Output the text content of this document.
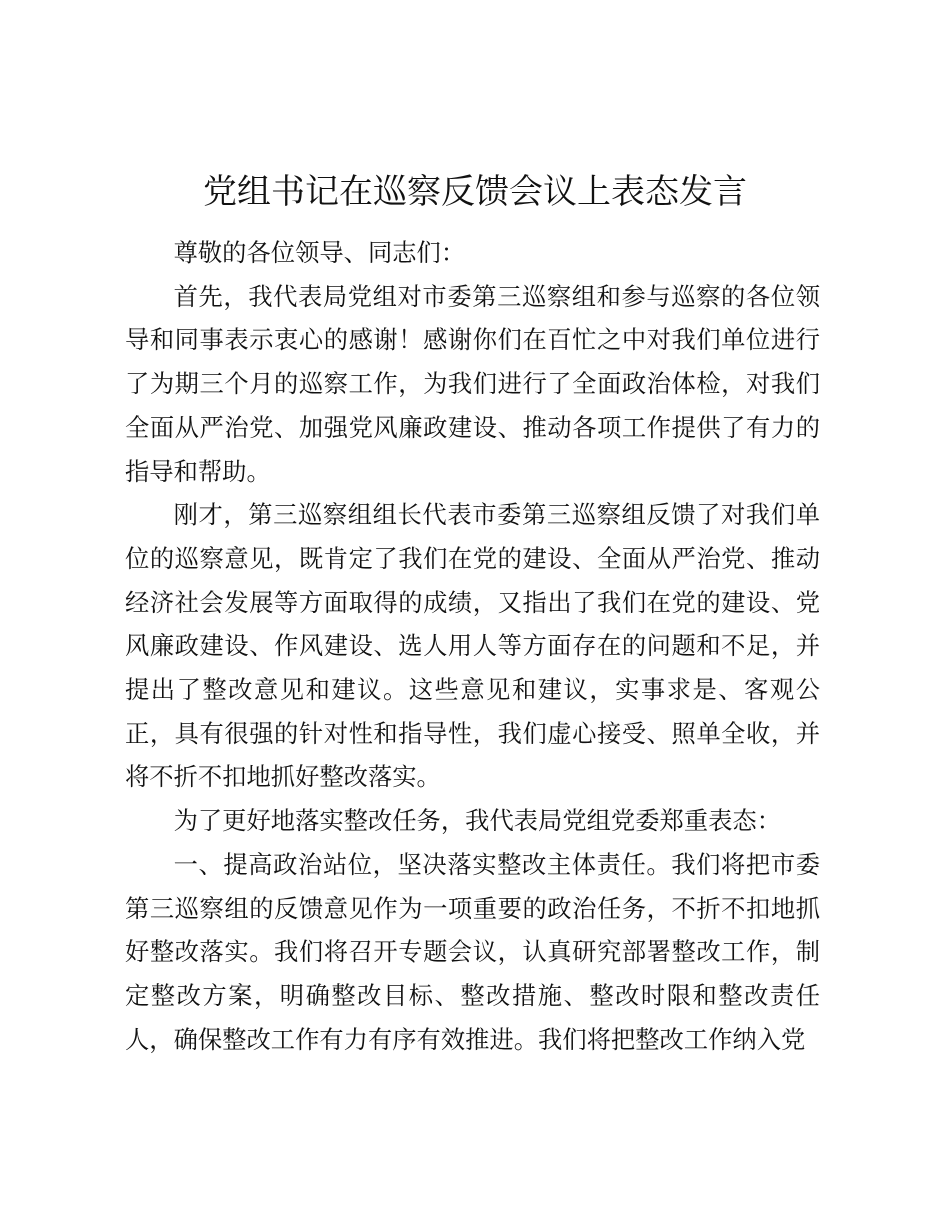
党组书记在巡察反馈会议上表态发言

尊敬的各位领导、同志们：

首先，我代表局党组对市委第三巡察组和参与巡察的各位领导和同事表示衷心的感谢！感谢你们在百忙之中对我们单位进行了为期三个月的巡察工作，为我们进行了全面政治体检，对我们全面从严治党、加强党风廉政建设、推动各项工作提供了有力的指导和帮助。

刚才，第三巡察组组长代表市委第三巡察组反馈了对我们单位的巡察意见，既肯定了我们在党的建设、全面从严治党、推动经济社会发展等方面取得的成绩，又指出了我们在党的建设、党风廉政建设、作风建设、选人用人等方面存在的问题和不足，并提出了整改意见和建议。这些意见和建议，实事求是、客观公正，具有很强的针对性和指导性，我们虚心接受、照单全收，并将不折不扣地抓好整改落实。

为了更好地落实整改任务，我代表局党组党委郑重表态：

一、提高政治站位，坚决落实整改主体责任。我们将把市委第三巡察组的反馈意见作为一项重要的政治任务，不折不扣地抓好整改落实。我们将召开专题会议，认真研究部署整改工作，制定整改方案，明确整改目标、整改措施、整改时限和整改责任人，确保整改工作有力有序有效推进。我们将把整改工作纳入党
